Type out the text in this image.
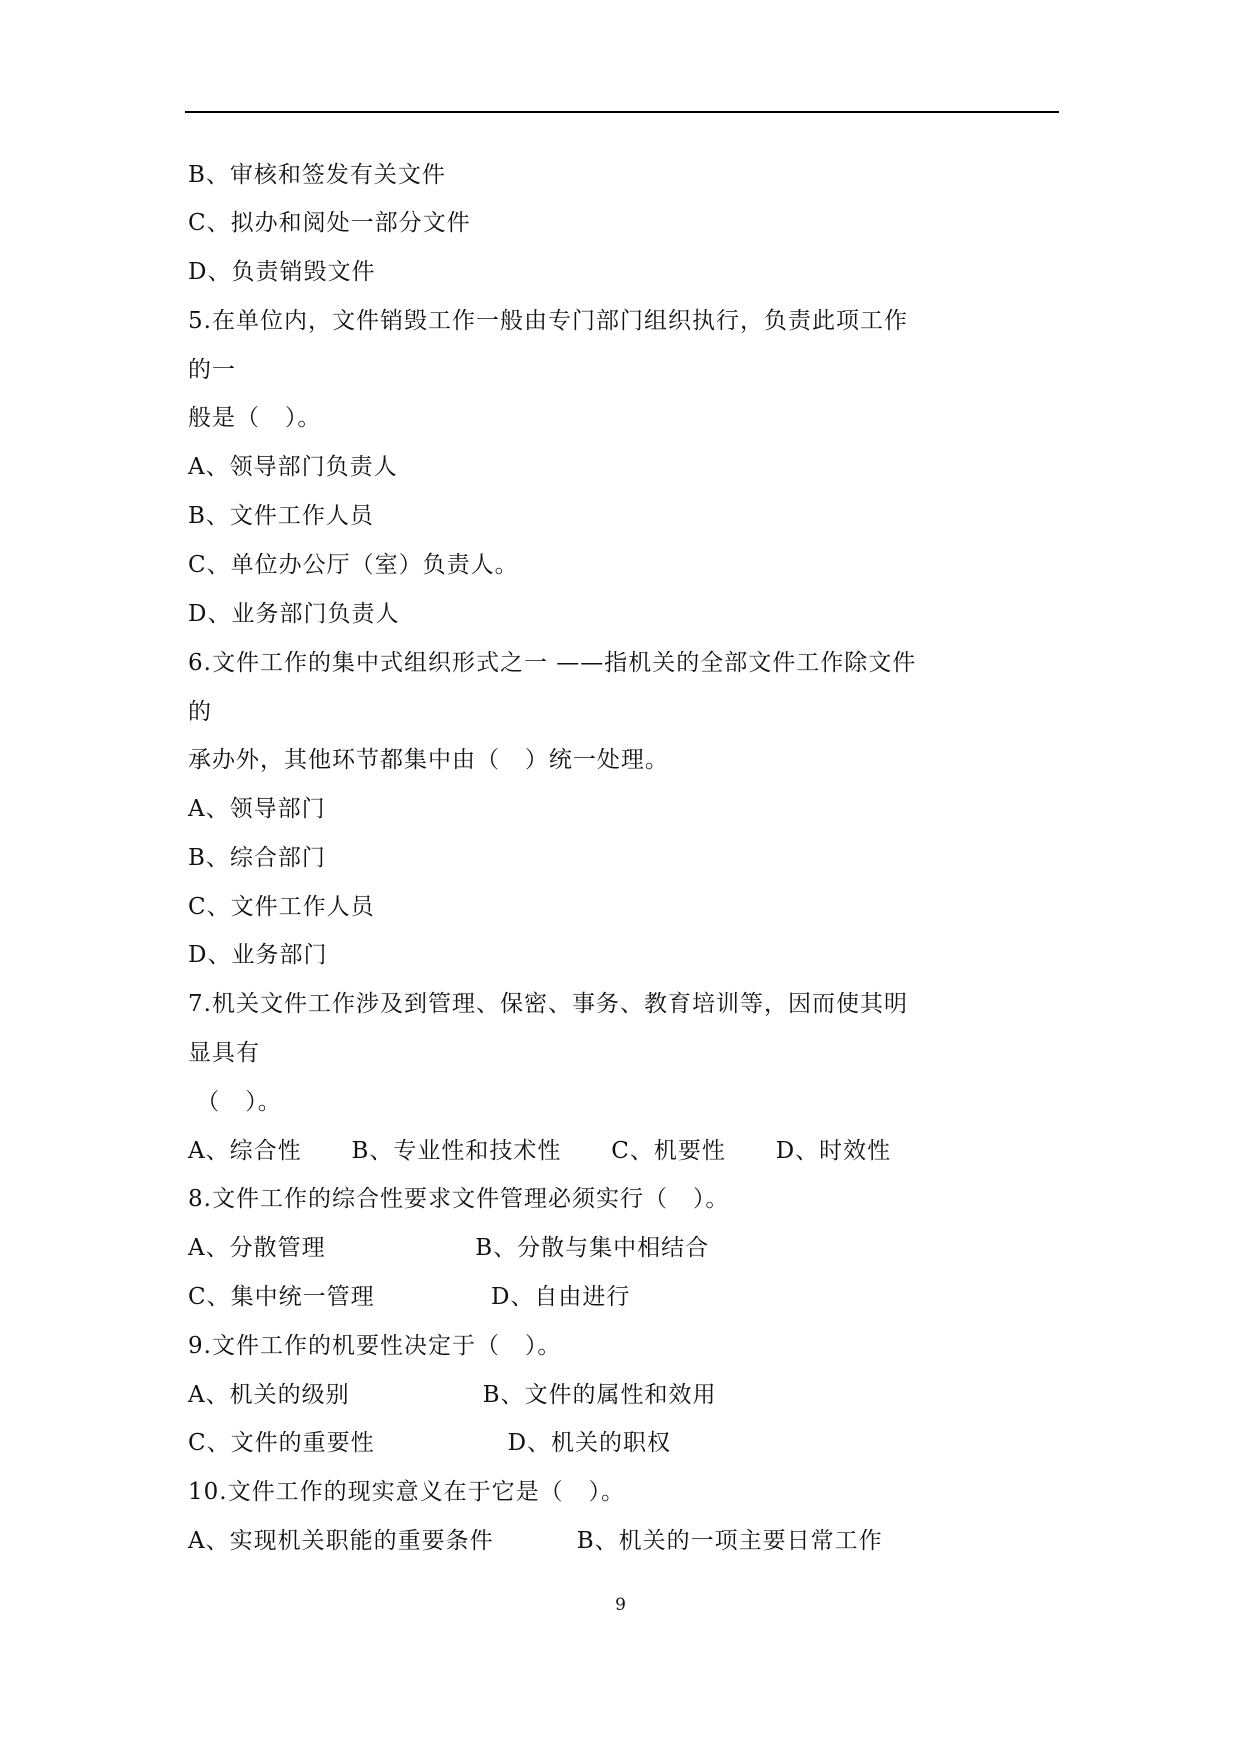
B、审核和签发有关文件
C、拟办和阅处一部分文件
D、负责销毁文件
5.在单位内，文件销毁工作一般由专门部门组织执行，负责此项工作
的一
般是（   ）。
A、领导部门负责人
B、文件工作人员
C、单位办公厅（室）负责人。
D、业务部门负责人
6.文件工作的集中式组织形式之一 ——指机关的全部文件工作除文件
的
承办外，其他环节都集中由（   ）统一处理。
A、领导部门
B、综合部门
C、文件工作人员
D、业务部门
7.机关文件工作涉及到管理、保密、事务、教育培训等，因而使其明
显具有
（   ）。
A、综合性      B、专业性和技术性      C、机要性      D、时效性
8.文件工作的综合性要求文件管理必须实行（   ）。
A、分散管理                  B、分散与集中相结合
C、集中统一管理              D、自由进行
9.文件工作的机要性决定于（   ）。
A、机关的级别                B、文件的属性和效用
C、文件的重要性                D、机关的职权
10.文件工作的现实意义在于它是（   ）。
A、实现机关职能的重要条件          B、机关的一项主要日常工作
9
